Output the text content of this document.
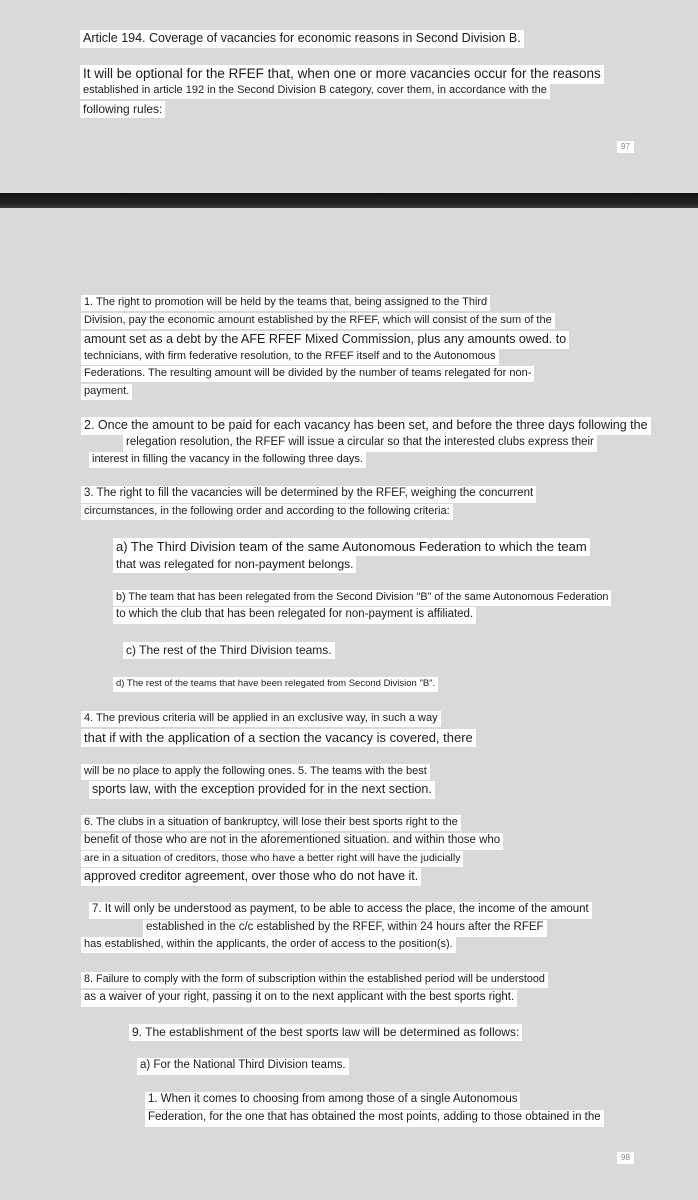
Article 194. Coverage of vacancies for economic reasons in Second Division B.
It will be optional for the RFEF that, when one or more vacancies occur for the reasons
established in article 192 in the Second Division B category, cover them, in accordance with the
following rules:
97
1. The right to promotion will be held by the teams that, being assigned to the Third
Division, pay the economic amount established by the RFEF, which will consist of the sum of the
amount set as a debt by the AFE RFEF Mixed Commission, plus any amounts owed. to
technicians, with firm federative resolution, to the RFEF itself and to the Autonomous
Federations. The resulting amount will be divided by the number of teams relegated for non-
payment.
2. Once the amount to be paid for each vacancy has been set, and before the three days following the
relegation resolution, the RFEF will issue a circular so that the interested clubs express their
interest in filling the vacancy in the following three days.
3. The right to fill the vacancies will be determined by the RFEF, weighing the concurrent
circumstances, in the following order and according to the following criteria:
a) The Third Division team of the same Autonomous Federation to which the team
that was relegated for non-payment belongs.
b) The team that has been relegated from the Second Division "B" of the same Autonomous Federation
to which the club that has been relegated for non-payment is affiliated.
c) The rest of the Third Division teams.
d) The rest of the teams that have been relegated from Second Division "B".
4. The previous criteria will be applied in an exclusive way, in such a way
that if with the application of a section the vacancy is covered, there
will be no place to apply the following ones. 5. The teams with the best
sports law, with the exception provided for in the next section.
6. The clubs in a situation of bankruptcy, will lose their best sports right to the
benefit of those who are not in the aforementioned situation. and within those who
are in a situation of creditors, those who have a better right will have the judicially
approved creditor agreement, over those who do not have it.
7. It will only be understood as payment, to be able to access the place, the income of the amount
established in the c/c established by the RFEF, within 24 hours after the RFEF
has established, within the applicants, the order of access to the position(s).
8. Failure to comply with the form of subscription within the established period will be understood
as a waiver of your right, passing it on to the next applicant with the best sports right.
9. The establishment of the best sports law will be determined as follows:
a) For the National Third Division teams.
1. When it comes to choosing from among those of a single Autonomous
Federation, for the one that has obtained the most points, adding to those obtained in the
98
